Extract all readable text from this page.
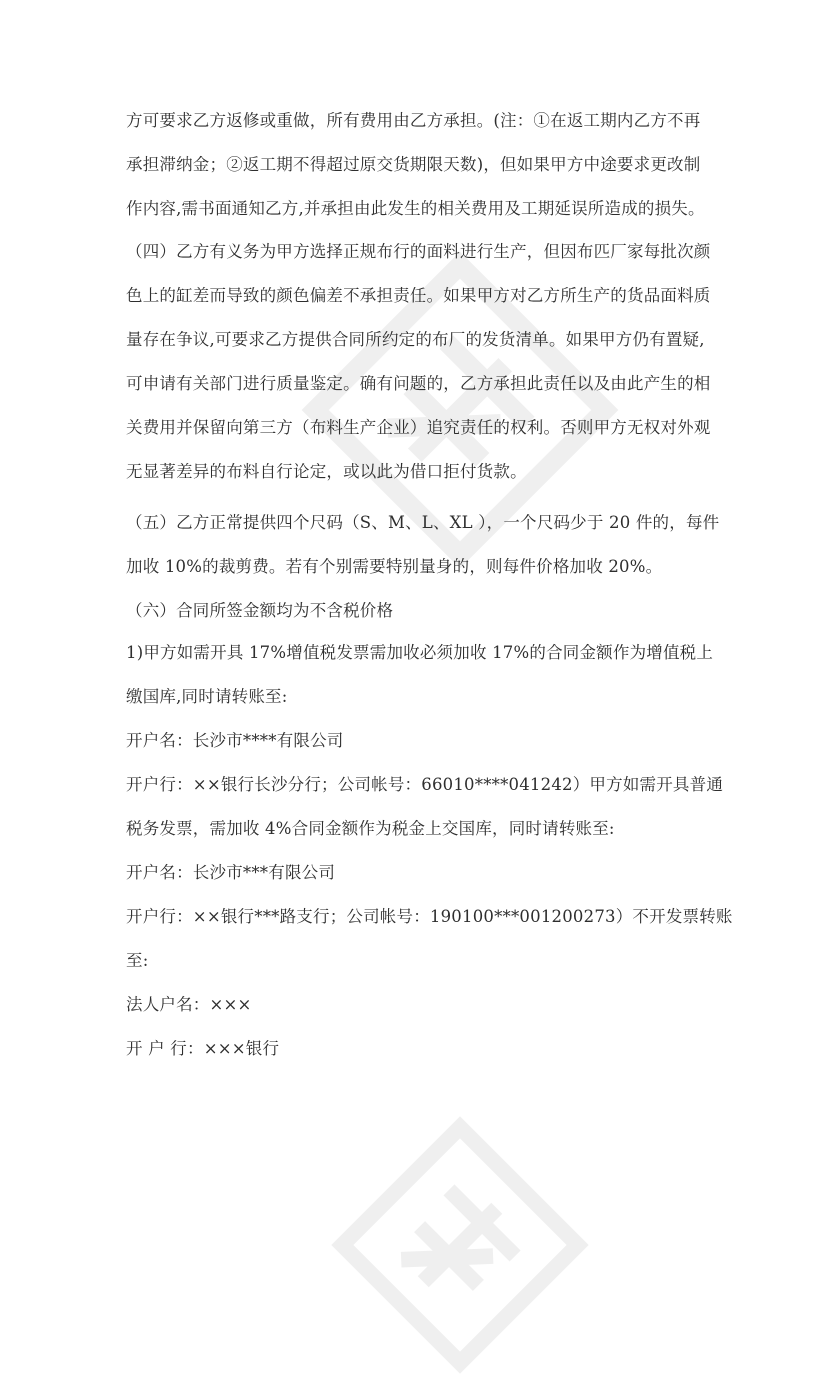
方可要求乙方返修或重做，所有费用由乙方承担。(注：①在返工期内乙方不再
承担滞纳金；②返工期不得超过原交货期限天数)，但如果甲方中途要求更改制
作内容,需书面通知乙方,并承担由此发生的相关费用及工期延误所造成的损失。
（四）乙方有义务为甲方选择正规布行的面料进行生产，但因布匹厂家每批次颜
色上的缸差而导致的颜色偏差不承担责任。如果甲方对乙方所生产的货品面料质
量存在争议,可要求乙方提供合同所约定的布厂的发货清单。如果甲方仍有置疑,
可申请有关部门进行质量鉴定。确有问题的，乙方承担此责任以及由此产生的相
关费用并保留向第三方（布料生产企业）追究责任的权利。否则甲方无权对外观
无显著差异的布料自行论定，或以此为借口拒付货款。
（五）乙方正常提供四个尺码（S、M、L、XL ），一个尺码少于 20 件的，每件
加收 10%的裁剪费。若有个别需要特别量身的，则每件价格加收 20%。
（六）合同所签金额均为不含税价格
1)甲方如需开具 17%增值税发票需加收必须加收 17%的合同金额作为增值税上
缴国库,同时请转账至:
开户名：长沙市****有限公司
开户行：××银行长沙分行；公司帐号：66010****041242）甲方如需开具普通
税务发票，需加收 4%合同金额作为税金上交国库，同时请转账至:
开户名：长沙市***有限公司
开户行：××银行***路支行；公司帐号：190100***001200273）不开发票转账
至:
法人户名：×××
开 户 行：×××银行
